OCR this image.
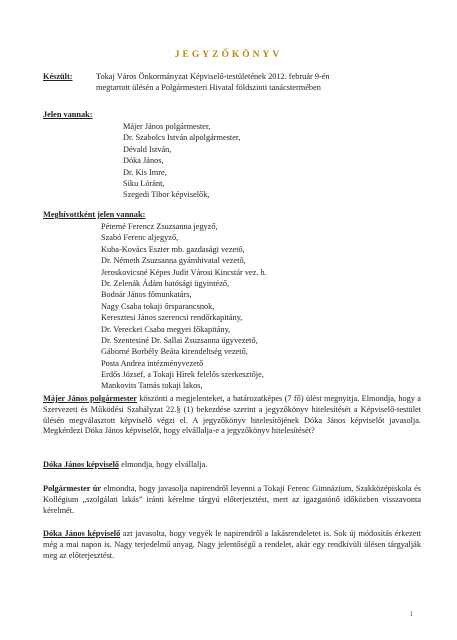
JEGYZŐKÖNYV
Készült:	Tokaj Város Önkormányzat Képviselő-testületének 2012. február 9-én
megtartott ülésén a Polgármesteri Hivatal földszinti tanácstermében
Jelen vannak:
Májer János polgármester,
Dr. Szabolcs István alpolgármester,
Dévald István,
Dóka János,
Dr. Kis Imre,
Siku Lóránt,
Szegedi Tibor képviselők,
Meghívottként jelen vannak:
Péterné Ferencz Zsuzsanna jegyző,
Szabó Ferenc aljegyző,
Kuba-Kovács Eszter mb. gazdasági vezető,
Dr. Németh Zsuzsanna gyámhivatal vezető,
Jeroskovicsné Képes Judit Városi Kincstár vez. h.
Dr. Zelenák Ádám hatósági ügyintéző,
Bodnár János főmunkatárs,
Nagy Csaba tokaji őrsparancsnok,
Keresztesi János szerencsi rendőrkapitány,
Dr. Vereckei Csaba megyei főkapitány,
Dr. Szentesiné Dr. Sallai Zsuzsanna ügyvezető,
Gáborné Borbély Beáta kirendeltség vezető,
Posta Andrea intézményvezető
Erdős József, a Tokaji Hírek felelős szerkesztője,
Mankovits Tamás tokaji lakos,
Májer János polgármester köszönti a megjelenteket, a határozatképes (7 fő) ülést megnyitja. Elmondja, hogy a Szervezeti és Működési Szabályzat 22.§ (1) bekezdése szerint a jegyzőkönyv hitelesítését a Képviselő-testület ülésén megválasztott képviselő végzi el. A jegyzőkönyv hitelesítőjének Dóka János képviselőt javasolja. Megkérdezi Dóka János képviselőt, hogy elvállalja-e a jegyzőkönyv hitelesítését?
Dóka János képviselő elmondja, hogy elvállalja.
Polgármester úr elmondta, hogy javasolja napirendről levenni a Tokaji Ferenc Gimnázium, Szakközépiskola és Kollégium „szolgálati lakás” iránti kérelme tárgyú előterjesztést, mert az igazgatónő időközben visszavonta kérelmét.
Dóka János képviselő azt javasolta, hogy vegyék le napirendről a lakásrendeletet is. Sok új módosítás érkezett még a mai napon is. Nagy terjedelmű anyag. Nagy jelentőségű a rendelet, akár egy rendkívüli ülésen tárgyalják meg az előterjesztést.
1
